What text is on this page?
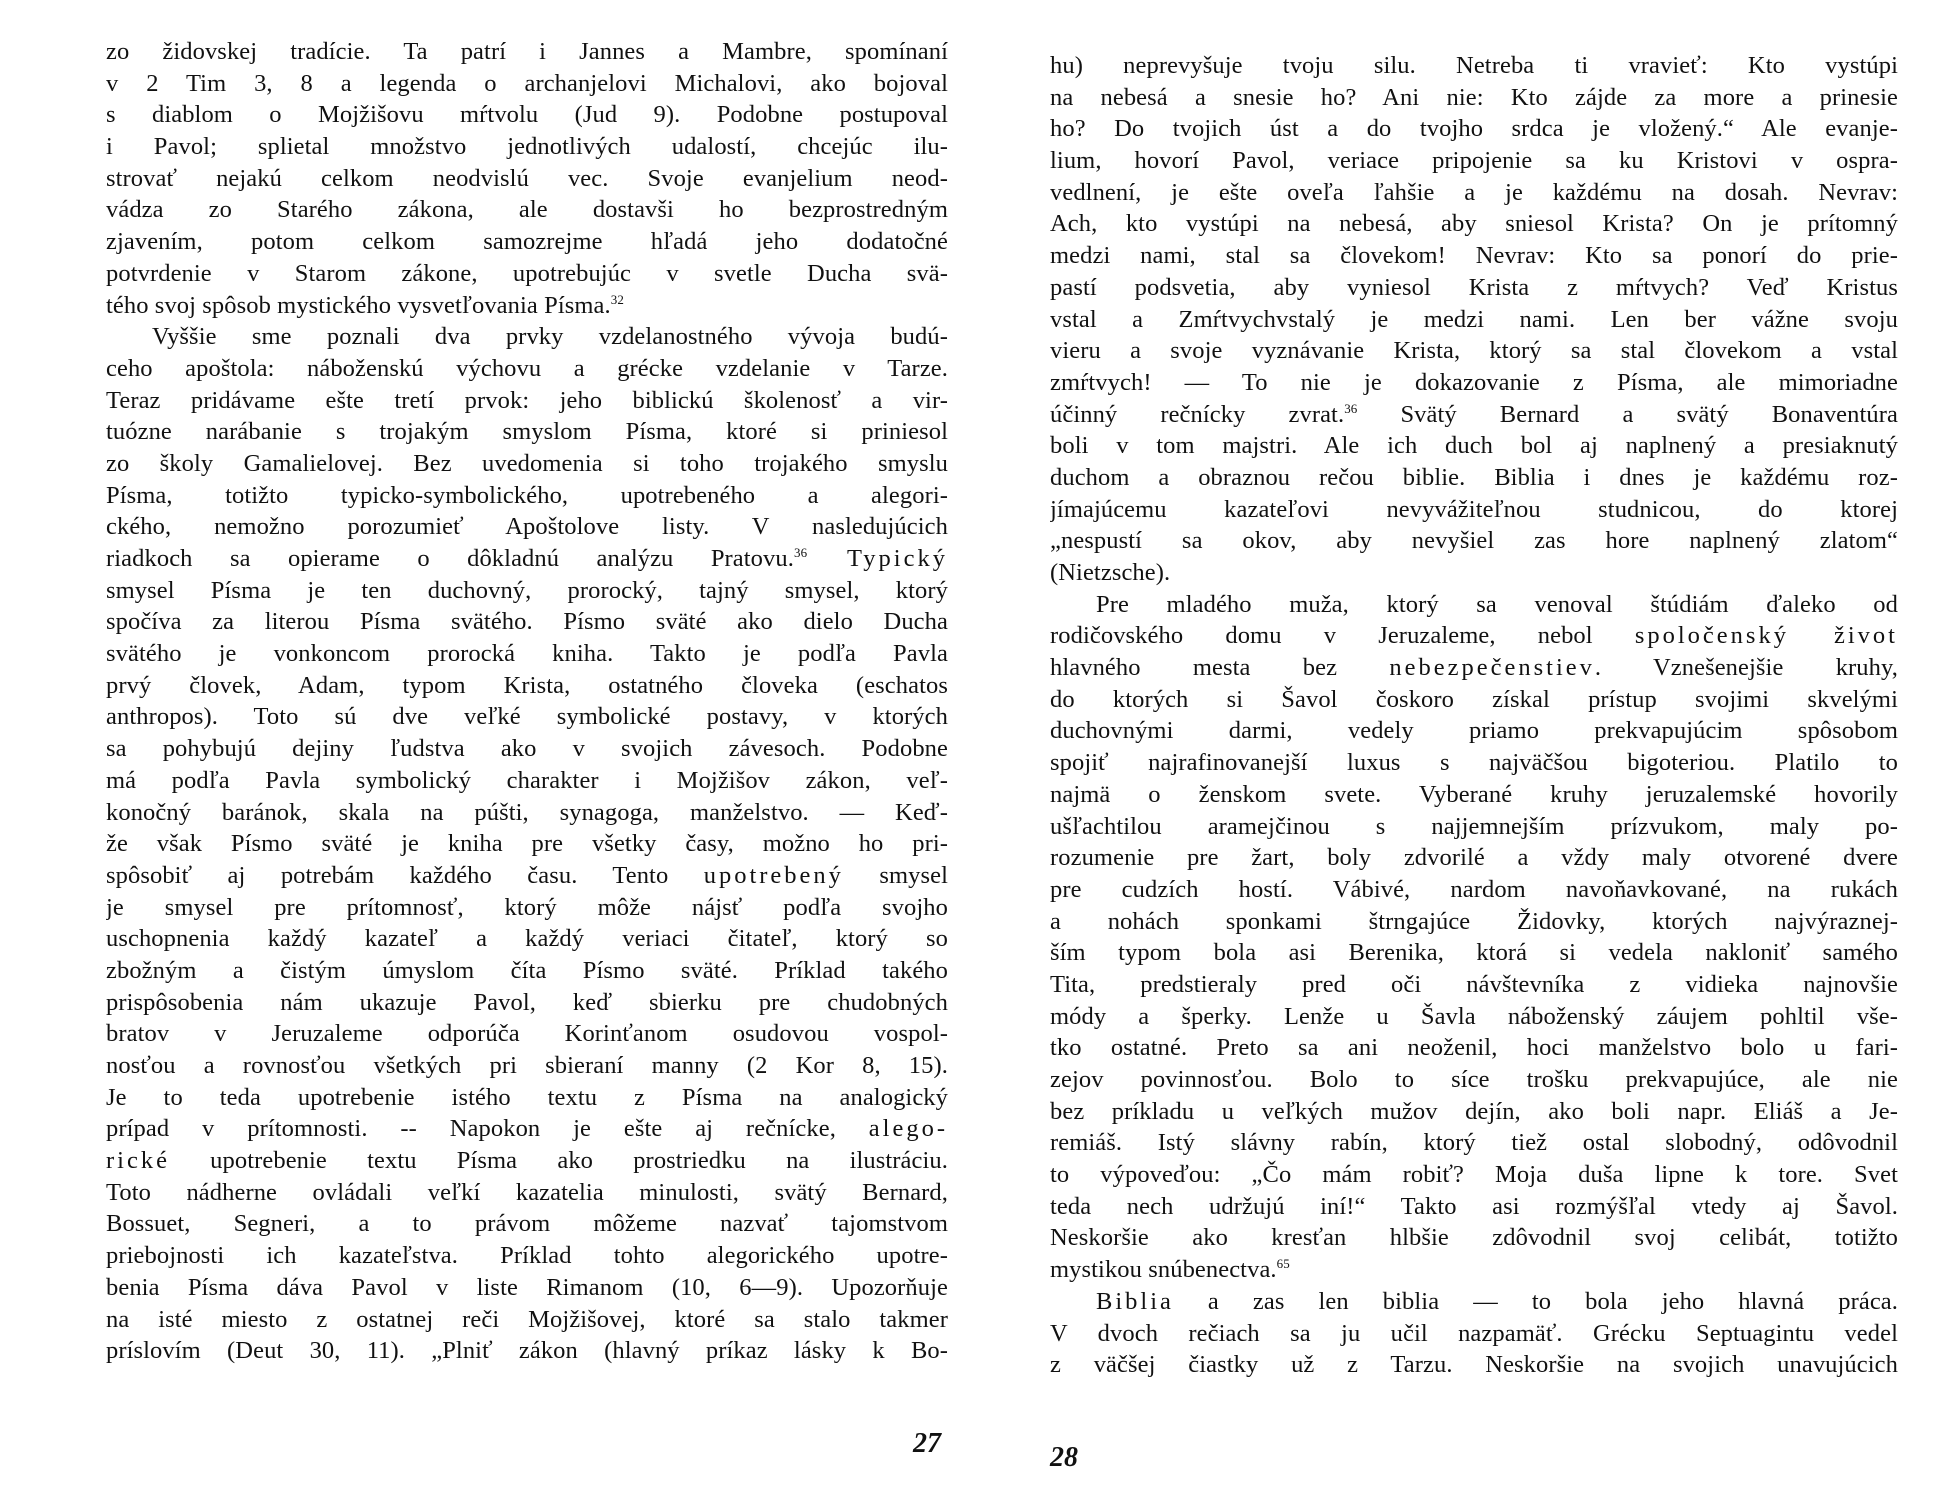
zo židovskej tradície. Ta patrí i Jannes a Mambre, spomínaní
v 2 Tim 3, 8 a legenda o archanjelovi Michalovi, ako bojoval
s diablom o Mojžišovu mŕtvolu (Jud 9). Podobne postupoval
i Pavol; splietal množstvo jednotlivých udalostí, chcejúc ilu-
strovať nejakú celkom neodvislú vec. Svoje evanjelium neod-
vádza zo Starého zákona, ale dostavši ho bezprostredným
zjavením, potom celkom samozrejme hľadá jeho dodatočné
potvrdenie v Starom zákone, upotrebujúc v svetle Ducha svä-
tého svoj spôsob mystického vysvetľovania Písma.$^{32}$
Vyššie sme poznali dva prvky vzdelanostného vývoja budú-
ceho apoštola: náboženskú výchovu a grécke vzdelanie v Tarze.
Teraz pridávame ešte tretí prvok: jeho biblickú školenosť a vir-
tuózne narábanie s trojakým smyslom Písma, ktoré si priniesol
zo školy Gamalielovej. Bez uvedomenia si toho trojakého smyslu
Písma, totižto typicko-symbolického, upotrebeného a alegori-
ckého, nemožno porozumieť Apoštolove listy. V nasledujúcich
riadkoch sa opierame o dôkladnú analýzu Pratovu.$^{36}$ Typický
smysel Písma je ten duchovný, prorocký, tajný smysel, ktorý
spočíva za literou Písma svätého. Písmo sväté ako dielo Ducha
svätého je vonkoncom prorocká kniha. Takto je podľa Pavla
prvý človek, Adam, typom Krista, ostatného človeka (eschatos
anthropos). Toto sú dve veľké symbolické postavy, v ktorých
sa pohybujú dejiny ľudstva ako v svojich závesoch. Podobne
má podľa Pavla symbolický charakter i Mojžišov zákon, veľ-
konočný baránok, skala na púšti, synagoga, manželstvo. — Keď-
že však Písmo sväté je kniha pre všetky časy, možno ho pri-
spôsobiť aj potrebám každého času. Tento upotrebený smysel
je smysel pre prítomnosť, ktorý môže nájsť podľa svojho
uschopnenia každý kazateľ a každý veriaci čitateľ, ktorý so
zbožným a čistým úmyslom číta Písmo sväté. Príklad takého
prispôsobenia nám ukazuje Pavol, keď sbierku pre chudobných
bratov v Jeruzaleme odporúča Korinťanom osudovou vospol-
nosťou a rovnosťou všetkých pri sbieraní manny (2 Kor 8, 15).
Je to teda upotrebenie istého textu z Písma na analogický
prípad v prítomnosti. -- Napokon je ešte aj rečnícke, alego-
rické upotrebenie textu Písma ako prostriedku na ilustráciu.
Toto nádherne ovládali veľkí kazatelia minulosti, svätý Bernard,
Bossuet, Segneri, a to právom môžeme nazvať tajomstvom
priebojnosti ich kazateľstva. Príklad tohto alegorického upotre-
benia Písma dáva Pavol v liste Rimanom (10, 6—9). Upozorňuje
na isté miesto z ostatnej reči Mojžišovej, ktoré sa stalo takmer
príslovím (Deut 30, 11). „Plniť zákon (hlavný príkaz lásky k Bo-
27
hu) neprevyšuje tvoju silu. Netreba ti vravieť: Kto vystúpi
na nebesá a snesie ho? Ani nie: Kto zájde za more a prinesie
ho? Do tvojich úst a do tvojho srdca je vložený.“ Ale evanje-
lium, hovorí Pavol, veriace pripojenie sa ku Kristovi v ospra-
vedlnení, je ešte oveľa ľahšie a je každému na dosah. Nevrav:
Ach, kto vystúpi na nebesá, aby sniesol Krista? On je prítomný
medzi nami, stal sa človekom! Nevrav: Kto sa ponorí do prie-
pastí podsvetia, aby vyniesol Krista z mŕtvych? Veď Kristus
vstal a Zmŕtvychvstalý je medzi nami. Len ber vážne svoju
vieru a svoje vyznávanie Krista, ktorý sa stal človekom a vstal
zmŕtvych! — To nie je dokazovanie z Písma, ale mimoriadne
účinný rečnícky zvrat.$^{36}$ Svätý Bernard a svätý Bonaventúra
boli v tom majstri. Ale ich duch bol aj naplnený a presiaknutý
duchom a obraznou rečou biblie. Biblia i dnes je každému roz-
jímajúcemu kazateľovi nevyvážiteľnou studnicou, do ktorej
„nespustí sa okov, aby nevyšiel zas hore naplnený zlatom“
(Nietzsche).
Pre mladého muža, ktorý sa venoval štúdiám ďaleko od
rodičovského domu v Jeruzaleme, nebol spoločenský život
hlavného mesta bez nebezpečenstiev. Vznešenejšie kruhy,
do ktorých si Šavol čoskoro získal prístup svojimi skvelými
duchovnými darmi, vedely priamo prekvapujúcim spôsobom
spojiť najrafinovanejší luxus s najväčšou bigoteriou. Platilo to
najmä o ženskom svete. Vyberané kruhy jeruzalemské hovorily
ušľachtilou aramejčinou s najjemnejším prízvukom, maly po-
rozumenie pre žart, boly zdvorilé a vždy maly otvorené dvere
pre cudzích hostí. Vábivé, nardom navoňavkované, na rukách
a nohách sponkami štrngajúce Židovky, ktorých najvýraznej-
ším typom bola asi Berenika, ktorá si vedela nakloniť samého
Tita, predstieraly pred oči návštevníka z vidieka najnovšie
módy a šperky. Lenže u Šavla náboženský záujem pohltil vše-
tko ostatné. Preto sa ani neoženil, hoci manželstvo bolo u fari-
zejov povinnosťou. Bolo to síce trošku prekvapujúce, ale nie
bez príkladu u veľkých mužov dejín, ako boli napr. Eliáš a Je-
remiáš. Istý slávny rabín, ktorý tiež ostal slobodný, odôvodnil
to výpoveďou: „Čo mám robiť? Moja duša lipne k tore. Svet
teda nech udržujú iní!“ Takto asi rozmýšľal vtedy aj Šavol.
Neskoršie ako kresťan hlbšie zdôvodnil svoj celibát, totižto
mystikou snúbenectva.$^{65}$
Biblia a zas len biblia — to bola jeho hlavná práca.
V dvoch rečiach sa ju učil nazpamäť. Grécku Septuagintu vedel
z väčšej čiastky už z Tarzu. Neskoršie na svojich unavujúcich
28
